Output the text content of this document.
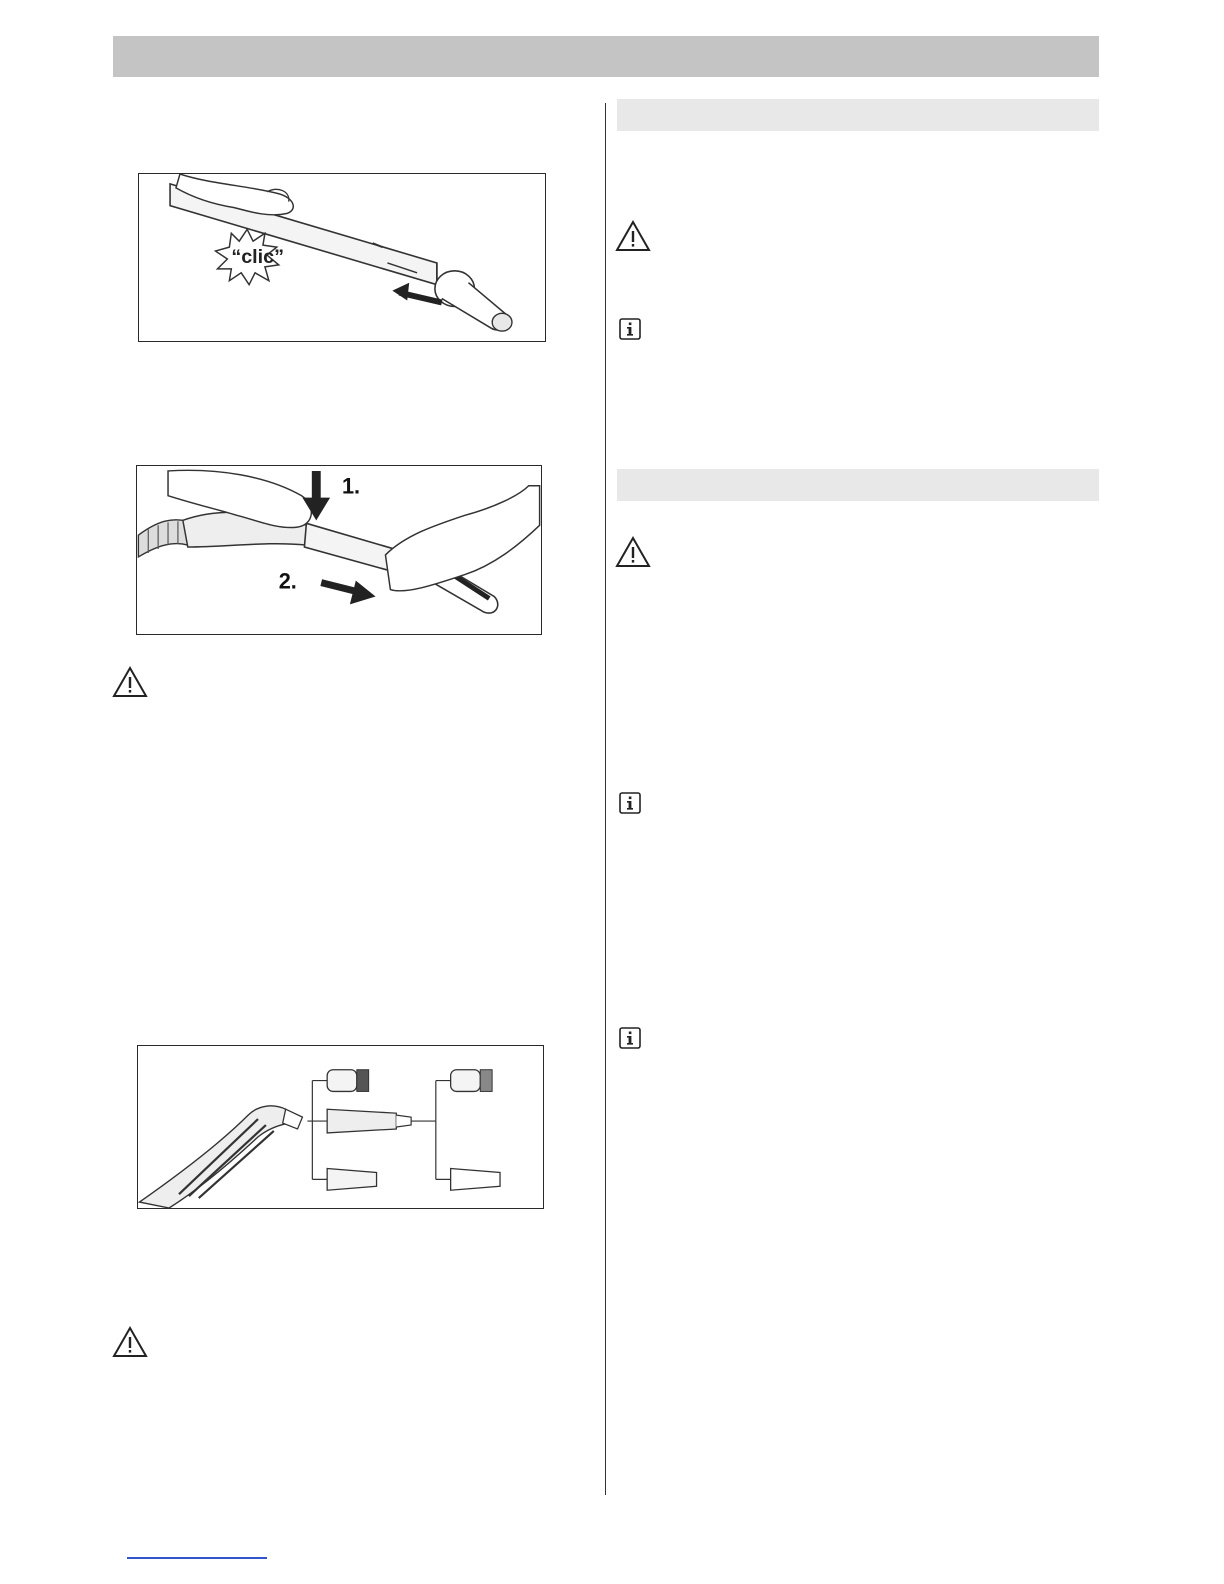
“clic”
1.
2.
